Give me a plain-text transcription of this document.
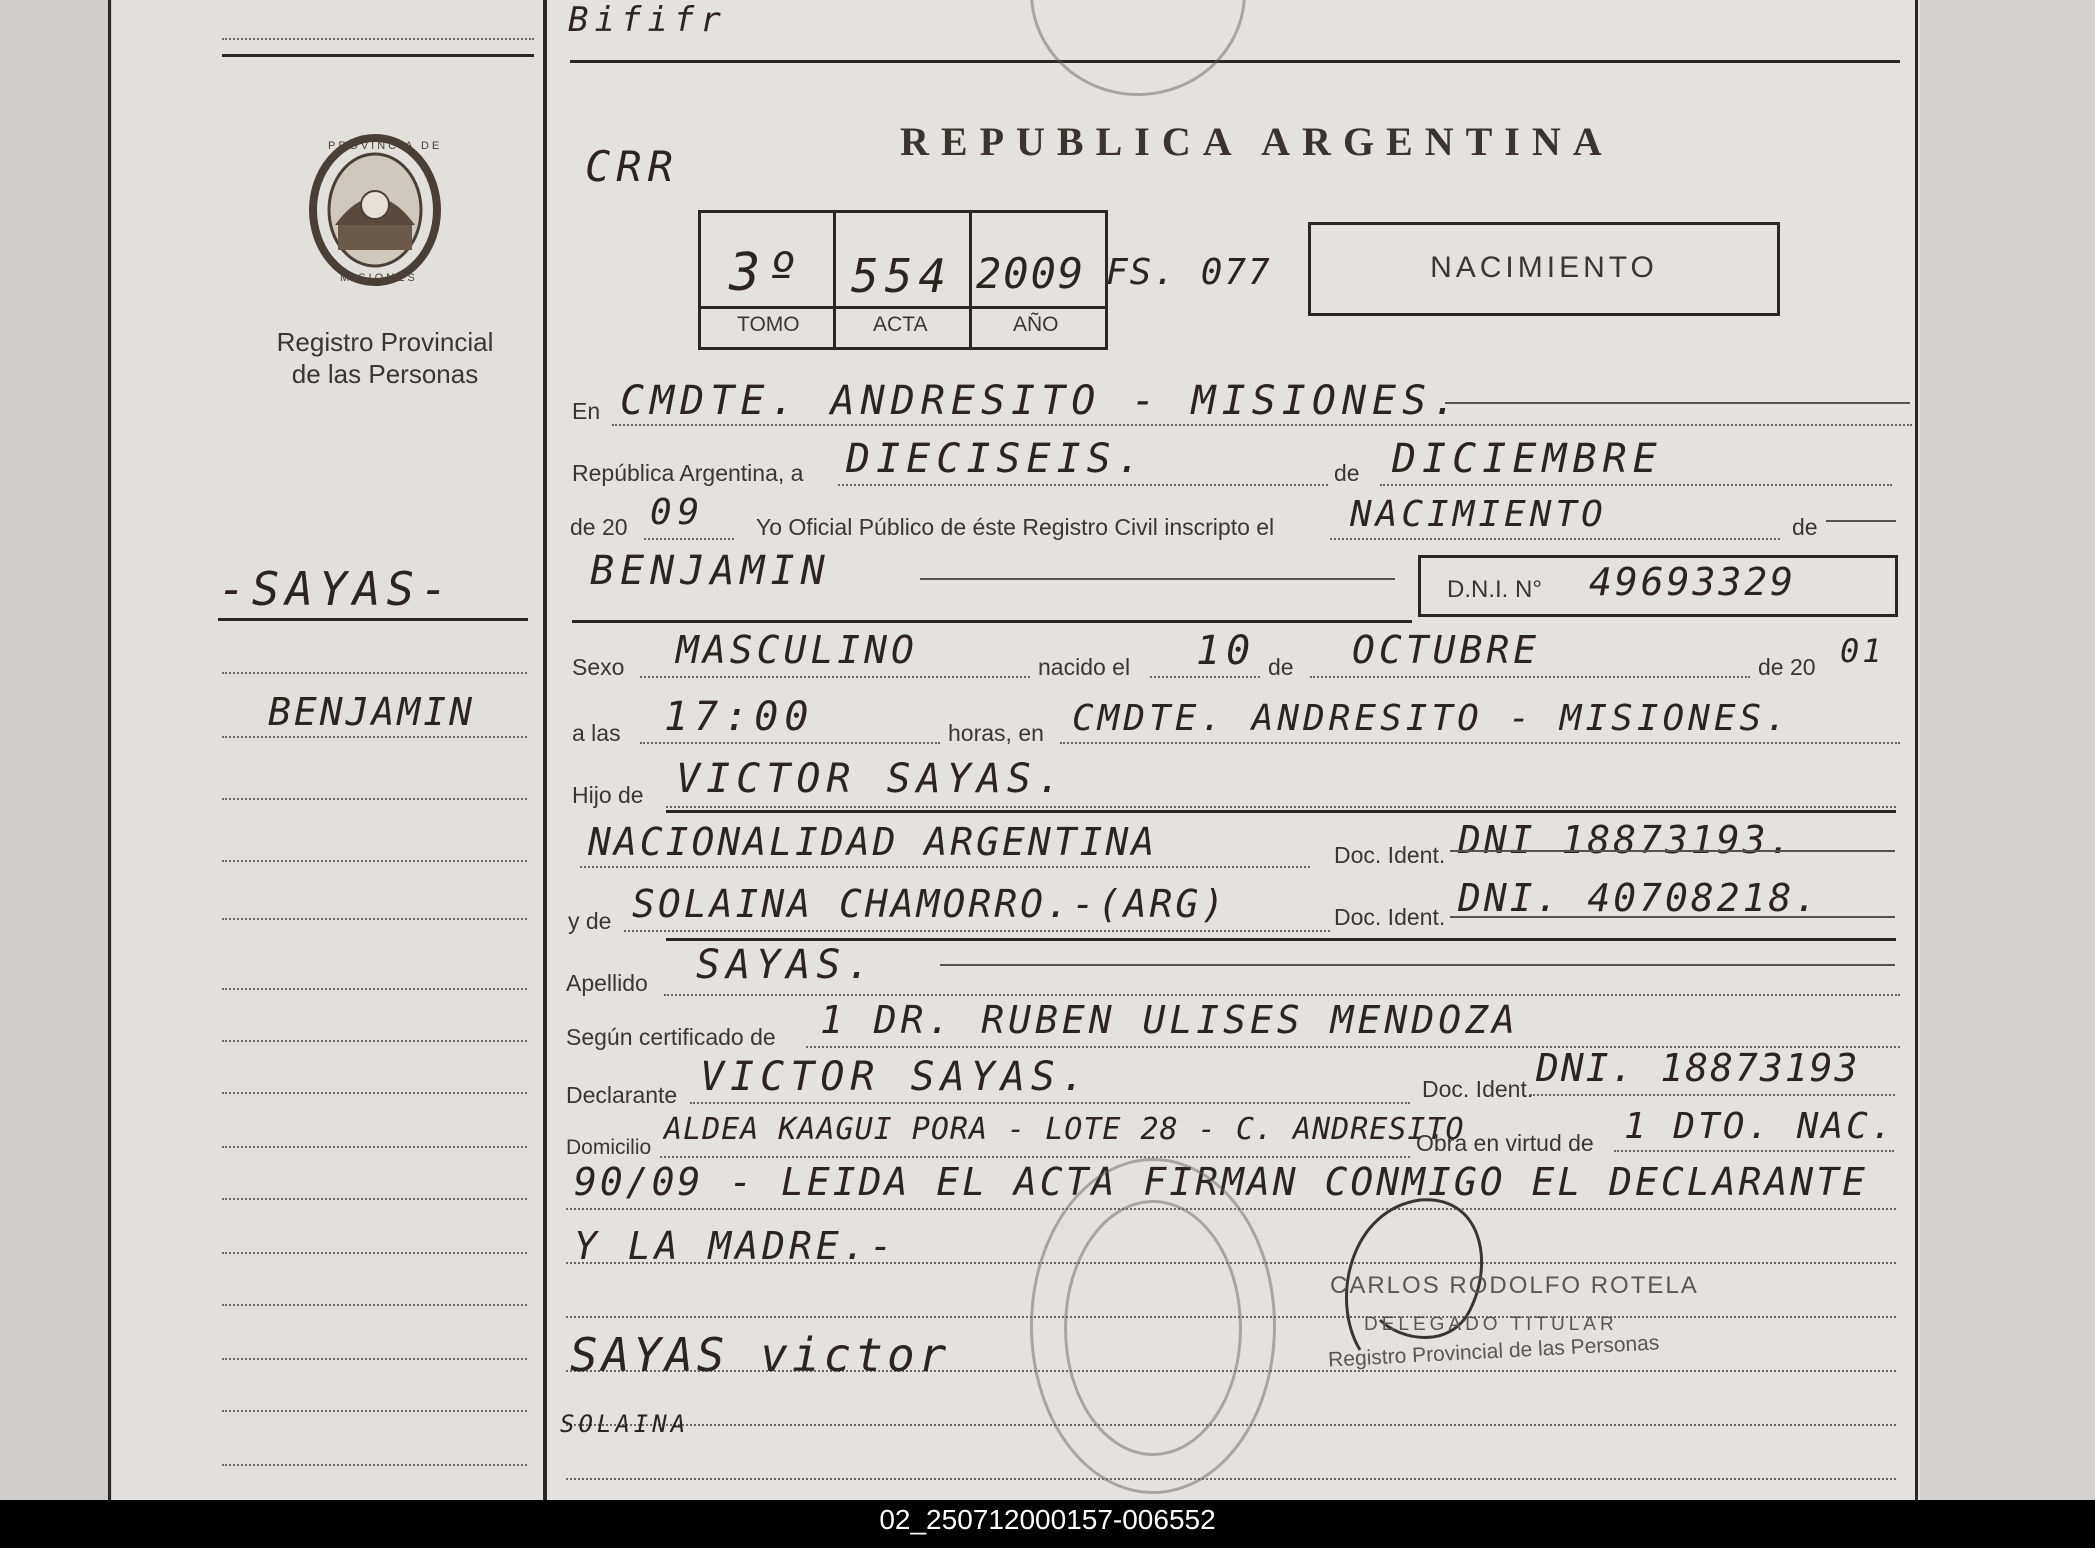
Bififr
PROVINCIA DE
MISIONES
Registro Provincial
de las Personas
REPUBLICA ARGENTINA
CRR
3º 554 2009
TOMO	ACTA	AÑO
FS. 077	NACIMIENTO
-SAYAS-
BENJAMIN
En CMDTE. ANDRESITO - MISIONES.
República Argentina, a DIECISEIS.	de DICIEMBRE
de 20 09 Yo Oficial Público de éste Registro Civil inscripto el NACIMIENTO	de
BENJAMIN	D.N.I. N° 49693329
Sexo MASCULINO	nacido el 10 de OCTUBRE	de 20 01
a las 17:00	horas, en CMDTE. ANDRESITO - MISIONES.
Hijo de VICTOR SAYAS.
NACIONALIDAD ARGENTINA	Doc. Ident. DNI 18873193.
y de SOLAINA CHAMORRO.-(ARG)	Doc. Ident. DNI. 40708218.
Apellido SAYAS.
Según certificado de 1 DR. RUBEN ULISES MENDOZA
Declarante VICTOR SAYAS.	Doc. Ident. DNI. 18873193
Domicilio
ALDEA KAAGUI PORA - LOTE 28 - C. ANDRESITO
Obra en virtud de 1 DTO. NAC.
90/09 - LEIDA EL ACTA FIRMAN CONMIGO EL DECLARANTE
Y LA MADRE.-
SAYAS victor
SOLAINA
CARLOS RODOLFO ROTELA
DELEGADO TITULAR
Registro Provincial de las Personas
02_250712000157-006552
